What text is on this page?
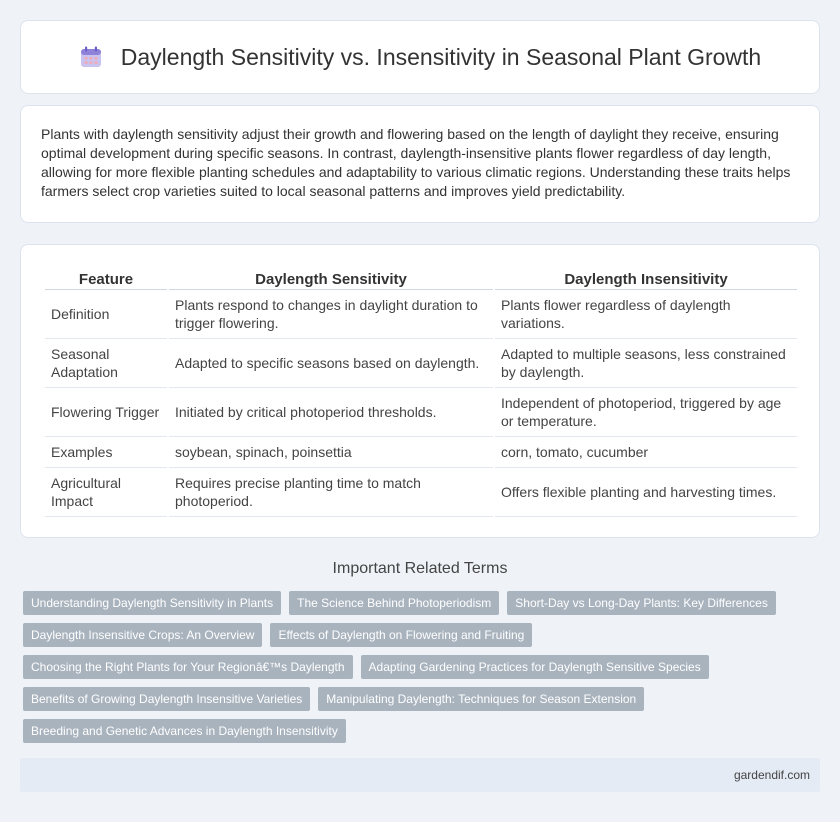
Daylength Sensitivity vs. Insensitivity in Seasonal Plant Growth

Plants with daylength sensitivity adjust their growth and flowering based on the length of daylight they receive, ensuring optimal development during specific seasons. In contrast, daylength-insensitive plants flower regardless of day length, allowing for more flexible planting schedules and adaptability to various climatic regions. Understanding these traits helps farmers select crop varieties suited to local seasonal patterns and improves yield predictability.

Feature	Daylength Sensitivity	Daylength Insensitivity
Definition	Plants respond to changes in daylight duration to trigger flowering.	Plants flower regardless of daylength variations.
Seasonal Adaptation	Adapted to specific seasons based on daylength.	Adapted to multiple seasons, less constrained by daylength.
Flowering Trigger	Initiated by critical photoperiod thresholds.	Independent of photoperiod, triggered by age or temperature.
Examples	soybean, spinach, poinsettia	corn, tomato, cucumber
Agricultural Impact	Requires precise planting time to match photoperiod.	Offers flexible planting and harvesting times.
Important Related Terms
Understanding Daylength Sensitivity in Plants	The Science Behind Photoperiodism	Short-Day vs Long-Day Plants: Key Differences
Daylength Insensitive Crops: An Overview	Effects of Daylength on Flowering and Fruiting
Choosing the Right Plants for Your Regionâ€™s Daylength	Adapting Gardening Practices for Daylength Sensitive Species
Benefits of Growing Daylength Insensitive Varieties	Manipulating Daylength: Techniques for Season Extension
Breeding and Genetic Advances in Daylength Insensitivity
gardendif.com
